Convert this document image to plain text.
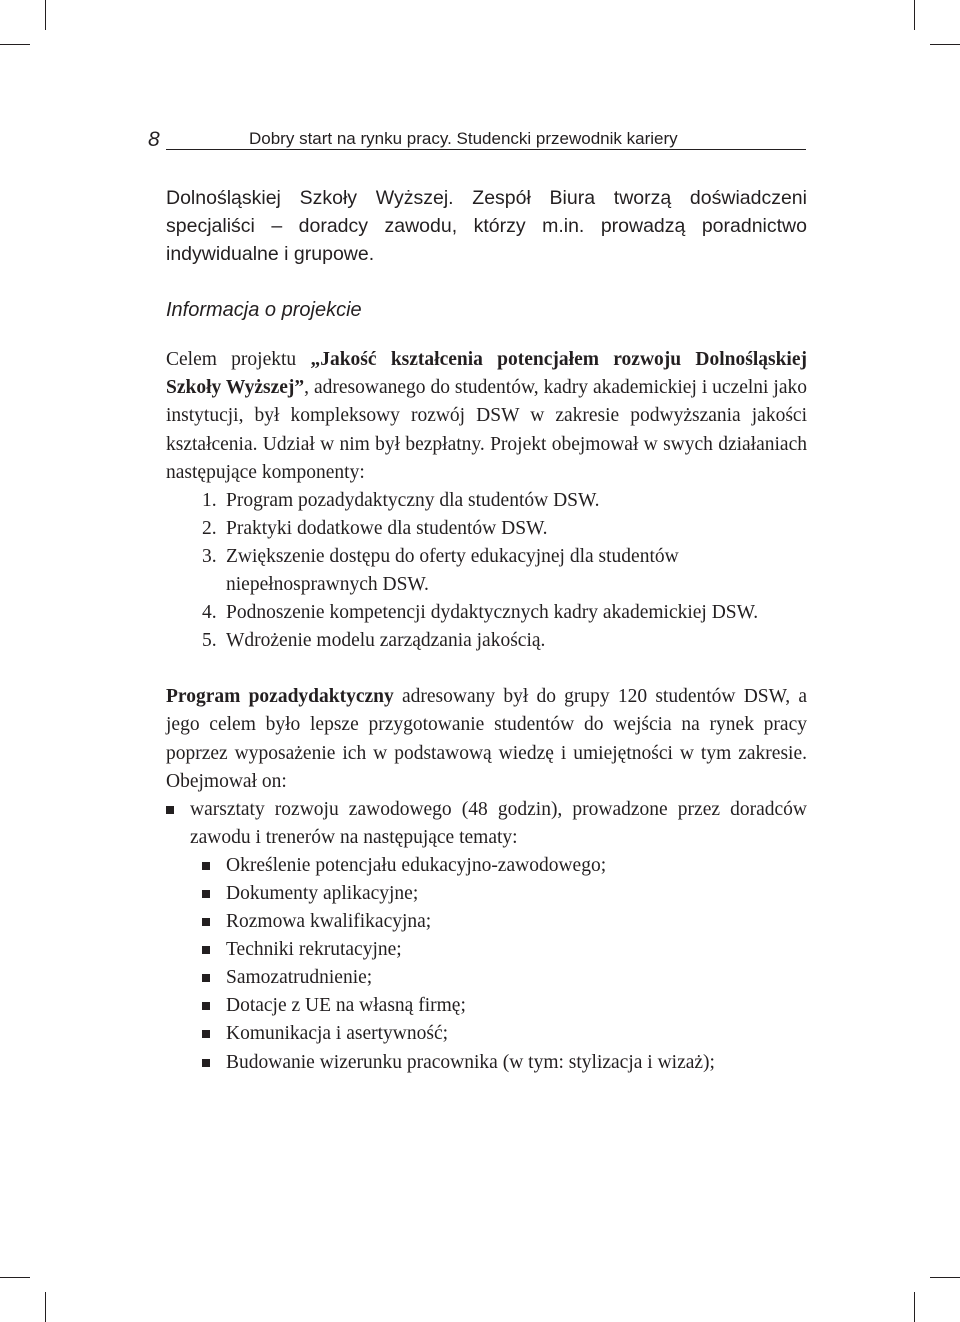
8	Dobry start na rynku pracy. Studencki przewodnik kariery

Dolnośląskiej Szkoły Wyższej. Zespół Biura tworzą doświadczeni specjaliści – doradcy zawodu, którzy m.in. prowadzą poradnictwo indywidualne i grupowe.

Informacja o projekcie

Celem projektu „Jakość kształcenia potencjałem rozwoju Dolnośląskiej Szkoły Wyższej”, adresowanego do studentów, kadry akademickiej i uczelni jako instytucji, był kompleksowy rozwój DSW w zakresie podwyższania jakości kształcenia. Udział w nim był bezpłatny. Projekt obejmował w swych działaniach następujące komponenty:

1. Program pozadydaktyczny dla studentów DSW.
2. Praktyki dodatkowe dla studentów DSW.
3. Zwiększenie dostępu do oferty edukacyjnej dla studentów niepełnosprawnych DSW.
4. Podnoszenie kompetencji dydaktycznych kadry akademickiej DSW.
5. Wdrożenie modelu zarządzania jakością.

Program pozadydaktyczny adresowany był do grupy 120 studentów DSW, a jego celem było lepsze przygotowanie studentów do wejścia na rynek pracy poprzez wyposażenie ich w podstawową wiedzę i umiejętności w tym zakresie. Obejmował on:

warsztaty rozwoju zawodowego (48 godzin), prowadzone przez doradców zawodu i trenerów na następujące tematy:
Określenie potencjału edukacyjno-zawodowego;
Dokumenty aplikacyjne;
Rozmowa kwalifikacyjna;
Techniki rekrutacyjne;
Samozatrudnienie;
Dotacje z UE na własną firmę;
Komunikacja i asertywność;
Budowanie wizerunku pracownika (w tym: stylizacja i wizaż);
